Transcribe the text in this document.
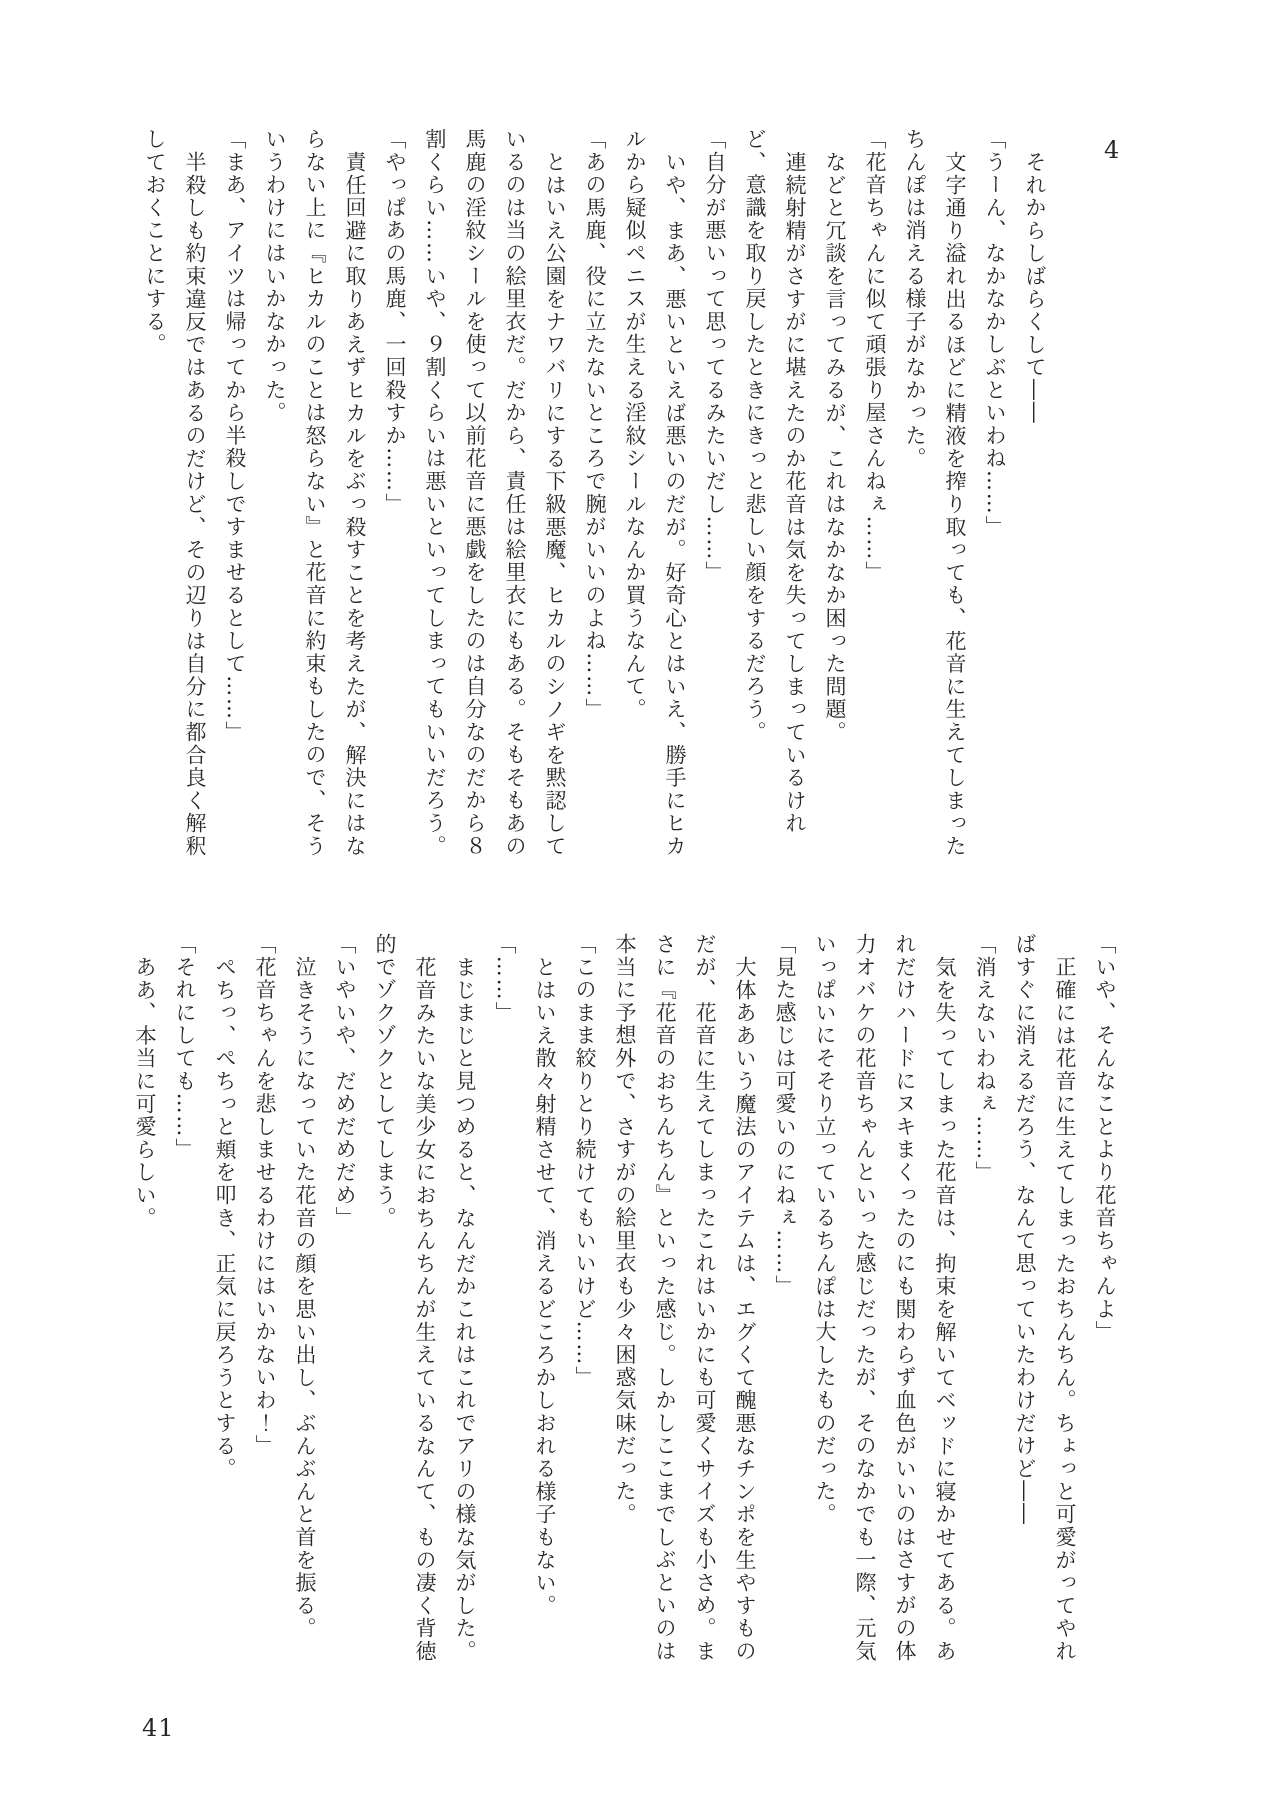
4

それからしばらくして――

「うーん、なかなかしぶといわね……」

文字通り溢れ出るほどに精液を搾り取っても、花音に生えてしまった

ちんぽは消える様子がなかった。

「花音ちゃんに似て頑張り屋さんねぇ……」

などと冗談を言ってみるが、これはなかなか困った問題。

連続射精がさすがに堪えたのか花音は気を失ってしまっているけれ

ど、意識を取り戻したときにきっと悲しい顔をするだろう。

「自分が悪いって思ってるみたいだし……」

いや、まあ、悪いといえば悪いのだが。好奇心とはいえ、勝手にヒカ

ルから疑似ペニスが生える淫紋シールなんか買うなんて。

「あの馬鹿、役に立たないところで腕がいいのよね……」

とはいえ公園をナワバリにする下級悪魔、ヒカルのシノギを黙認して

いるのは当の絵里衣だ。だから、責任は絵里衣にもある。そもそもあの

馬鹿の淫紋シールを使って以前花音に悪戯をしたのは自分なのだから８

割くらい……いや、９割くらいは悪いといってしまってもいいだろう。

「やっぱあの馬鹿、一回殺すか……」

責任回避に取りあえずヒカルをぶっ殺すことを考えたが、解決にはな

らない上に『ヒカルのことは怒らない』と花音に約束もしたので、そう

いうわけにはいかなかった。

「まあ、アイツは帰ってから半殺しですませるとして……」

半殺しも約束違反ではあるのだけど、その辺りは自分に都合良く解釈

しておくことにする。

「いや、そんなことより花音ちゃんよ」

正確には花音に生えてしまったおちんちん。ちょっと可愛がってやれ

ばすぐに消えるだろう、なんて思っていたわけだけど――

「消えないわねぇ……」

気を失ってしまった花音は、拘束を解いてベッドに寝かせてある。あ

れだけハードにヌキまくったのにも関わらず血色がいいのはさすがの体

力オバケの花音ちゃんといった感じだったが、そのなかでも一際、元気

いっぱいにそそり立っているちんぽは大したものだった。

「見た感じは可愛いのにねぇ……」

大体ああいう魔法のアイテムは、エグくて醜悪なチンポを生やすもの

だが、花音に生えてしまったこれはいかにも可愛くサイズも小さめ。ま

さに『花音のおちんちん』といった感じ。しかしここまでしぶといのは

本当に予想外で、さすがの絵里衣も少々困惑気味だった。

「このまま絞りとり続けてもいいけど……」

とはいえ散々射精させて、消えるどころかしおれる様子もない。

「……」

まじまじと見つめると、なんだかこれはこれでアリの様な気がした。

花音みたいな美少女におちんちんが生えているなんて、もの凄く背徳

的でゾクゾクとしてしまう。

「いやいや、だめだめだめ」

泣きそうになっていた花音の顔を思い出し、ぶんぶんと首を振る。

「花音ちゃんを悲しませるわけにはいかないわ！」

ぺちっ、ぺちっと頬を叩き、正気に戻ろうとする。

「それにしても……」

ああ、本当に可愛らしい。

41
